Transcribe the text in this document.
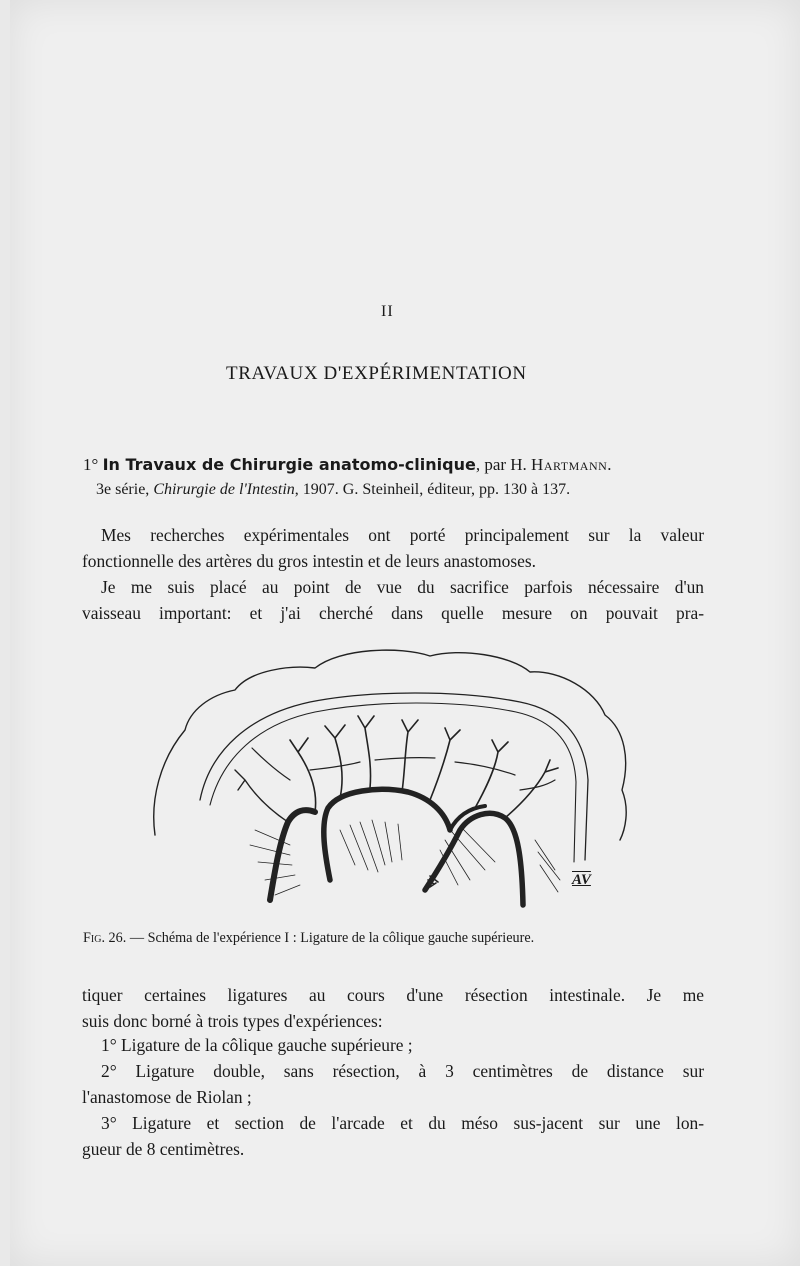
II
TRAVAUX D'EXPÉRIMENTATION
1° In Travaux de Chirurgie anatomo-clinique, par H. Hartmann.
3e série, Chirurgie de l'Intestin, 1907. G. Steinheil, éditeur, pp. 130 à 137.
Mes recherches expérimentales ont porté principalement sur la valeur
fonctionnelle des artères du gros intestin et de leurs anastomoses.
Je me suis placé au point de vue du sacrifice parfois nécessaire d'un
vaisseau important: et j'ai cherché dans quelle mesure on pouvait pra-
AV
Fig. 26. — Schéma de l'expérience I : Ligature de la côlique gauche supérieure.
tiquer certaines ligatures au cours d'une résection intestinale. Je me
suis donc borné à trois types d'expériences:
1° Ligature de la côlique gauche supérieure ;
2° Ligature double, sans résection, à 3 centimètres de distance sur
l'anastomose de Riolan ;
3° Ligature et section de l'arcade et du méso sus-jacent sur une lon-
gueur de 8 centimètres.
